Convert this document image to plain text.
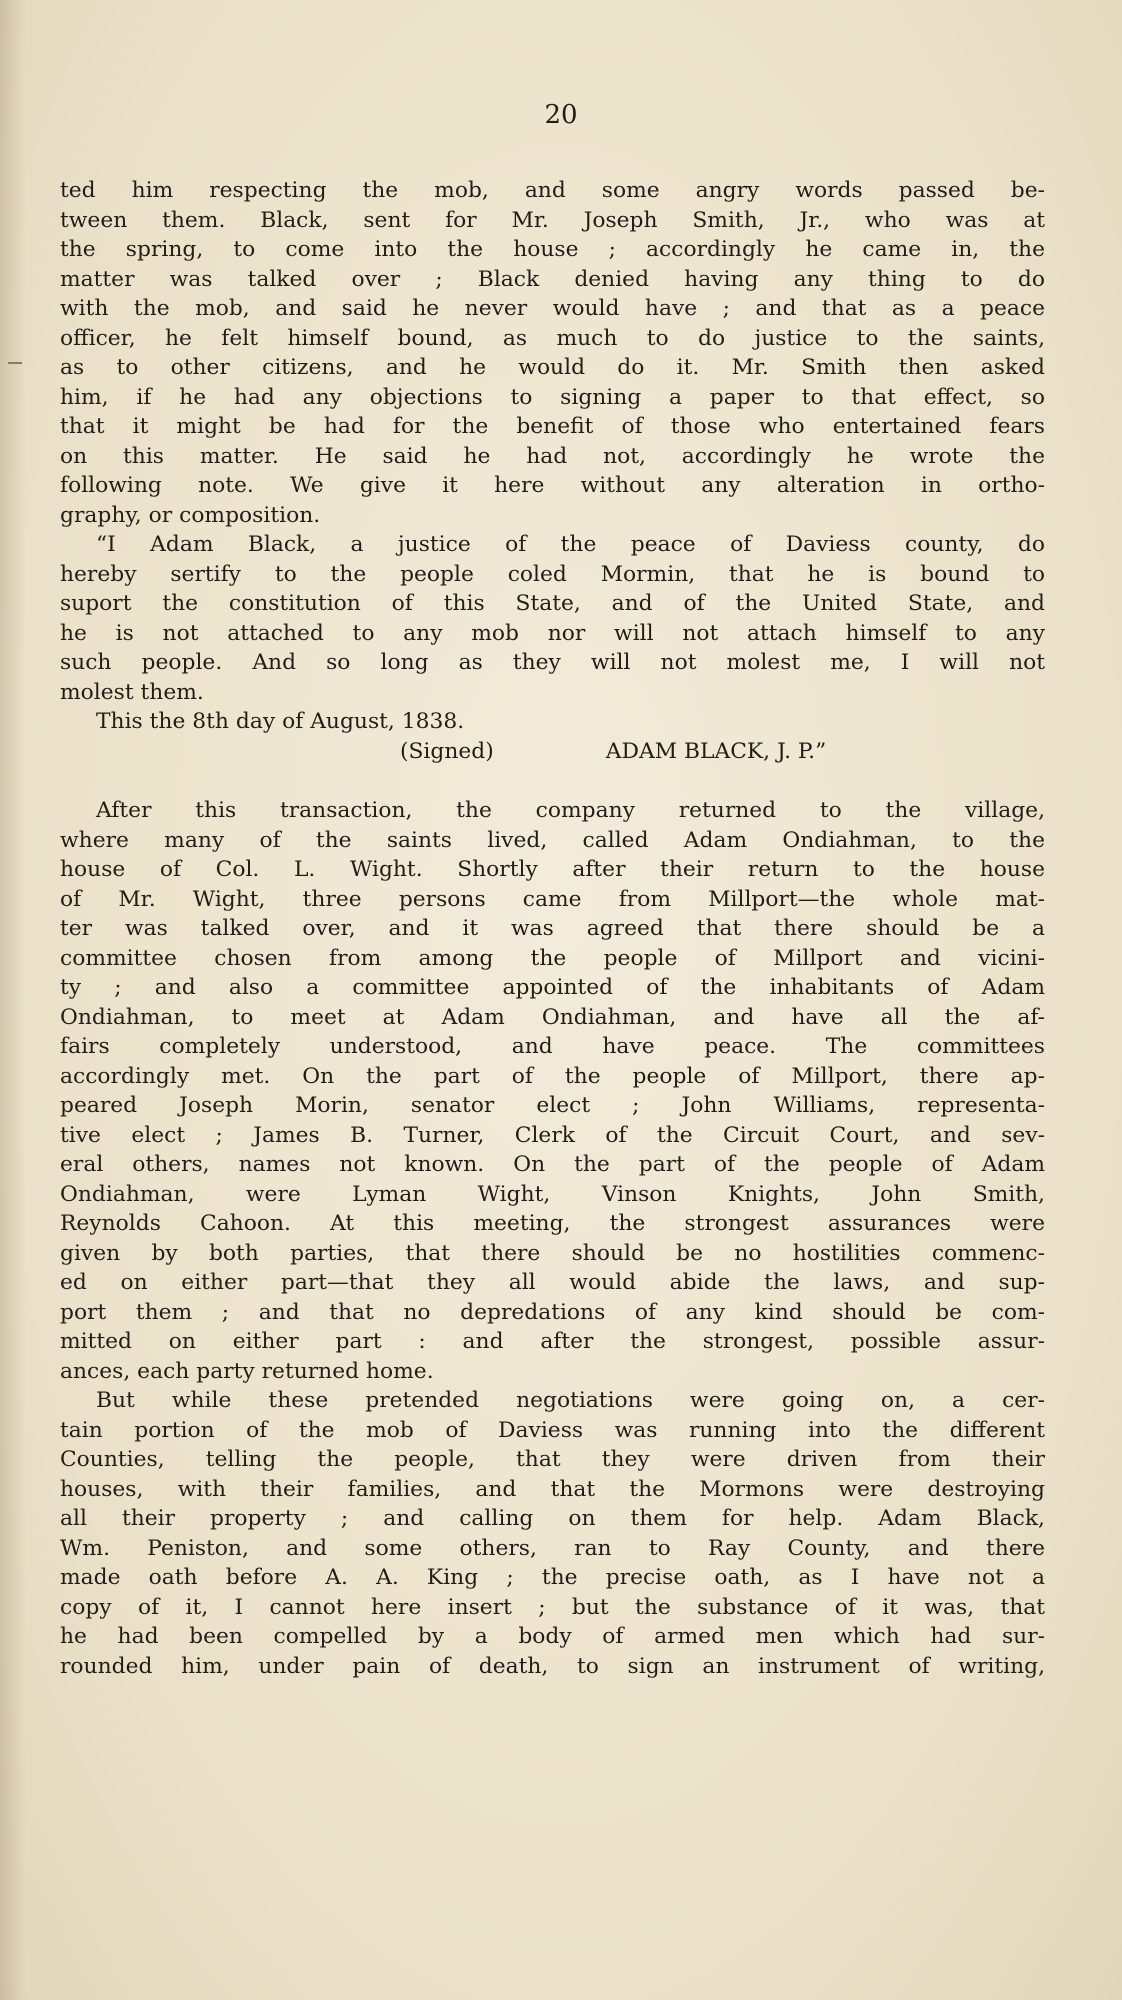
20
ted him respecting the mob, and some angry words passed be-
tween them. Black, sent for Mr. Joseph Smith, Jr., who was at
the spring, to come into the house ; accordingly he came in, the
matter was talked over ; Black denied having any thing to do
with the mob, and said he never would have ; and that as a peace
officer, he felt himself bound, as much to do justice to the saints,
as to other citizens, and he would do it. Mr. Smith then asked
him, if he had any objections to signing a paper to that effect, so
that it might be had for the benefit of those who entertained fears
on this matter. He said he had not, accordingly he wrote the
following note. We give it here without any alteration in ortho-
graphy, or composition.
“I Adam Black, a justice of the peace of Daviess county, do
hereby sertify to the people coled Mormin, that he is bound to
suport the constitution of this State, and of the United State, and
he is not attached to any mob nor will not attach himself to any
such people. And so long as they will not molest me, I will not
molest them.
This the 8th day of August, 1838.
(Signed)	ADAM BLACK, J. P.”
After this transaction, the company returned to the village,
where many of the saints lived, called Adam Ondiahman, to the
house of Col. L. Wight. Shortly after their return to the house
of Mr. Wight, three persons came from Millport—the whole mat-
ter was talked over, and it was agreed that there should be a
committee chosen from among the people of Millport and vicini-
ty ; and also a committee appointed of the inhabitants of Adam
Ondiahman, to meet at Adam Ondiahman, and have all the af-
fairs completely understood, and have peace. The committees
accordingly met. On the part of the people of Millport, there ap-
peared Joseph Morin, senator elect ; John Williams, representa-
tive elect ; James B. Turner, Clerk of the Circuit Court, and sev-
eral others, names not known. On the part of the people of Adam
Ondiahman, were Lyman Wight, Vinson Knights, John Smith,
Reynolds Cahoon. At this meeting, the strongest assurances were
given by both parties, that there should be no hostilities commenc-
ed on either part—that they all would abide the laws, and sup-
port them ; and that no depredations of any kind should be com-
mitted on either part : and after the strongest, possible assur-
ances, each party returned home.
But while these pretended negotiations were going on, a cer-
tain portion of the mob of Daviess was running into the different
Counties, telling the people, that they were driven from their
houses, with their families, and that the Mormons were destroying
all their property ; and calling on them for help. Adam Black,
Wm. Peniston, and some others, ran to Ray County, and there
made oath before A. A. King ; the precise oath, as I have not a
copy of it, I cannot here insert ; but the substance of it was, that
he had been compelled by a body of armed men which had sur-
rounded him, under pain of death, to sign an instrument of writing,
